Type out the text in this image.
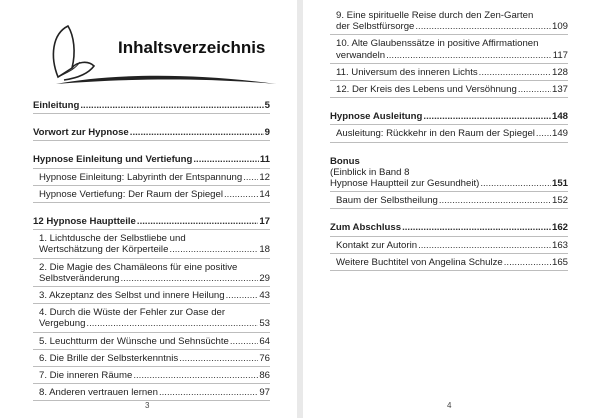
Inhaltsverzeichnis
Einleitung .....	5
Vorwort zur Hypnose .....	9
Hypnose Einleitung und Vertiefung .....	11
Hypnose Einleitung: Labyrinth der Entspannung ..... 12
Hypnose Vertiefung: Der Raum der Spiegel .....	14
12 Hypnose Hauptteile .....	17
1. Lichtdusche der Selbstliebe und
Wertschätzung der Körperteile .....	18
2. Die Magie des Chamäleons für eine positive
Selbstveränderung .....	29
3. Akzeptanz des Selbst und innere Heilung .....	43
4. Durch die Wüste der Fehler zur Oase der
Vergebung .....	53
5. Leuchtturm der Wünsche und Sehnsüchte .....	64
6. Die Brille der Selbsterkenntnis .....	76
7. Die inneren Räume .....	86
8. Anderen vertrauen lernen .....	97
3
9. Eine spirituelle Reise durch den Zen-Garten
der Selbstfürsorge .....	109
10. Alte Glaubenssätze in positive Affirmationen
verwandeln .....	117
11. Universum des inneren Lichts .....	128
12. Der Kreis des Lebens und Versöhnung .....	137
Hypnose Ausleitung .....	148
Ausleitung: Rückkehr in den Raum der Spiegel ..... 149
Bonus
(Einblick in Band 8
Hypnose Hauptteil zur Gesundheit) .....	151
Baum der Selbstheilung .....	152
Zum Abschluss .....	162
Kontakt zur Autorin .....	163
Weitere Buchtitel von Angelina Schulze .....	165
4
